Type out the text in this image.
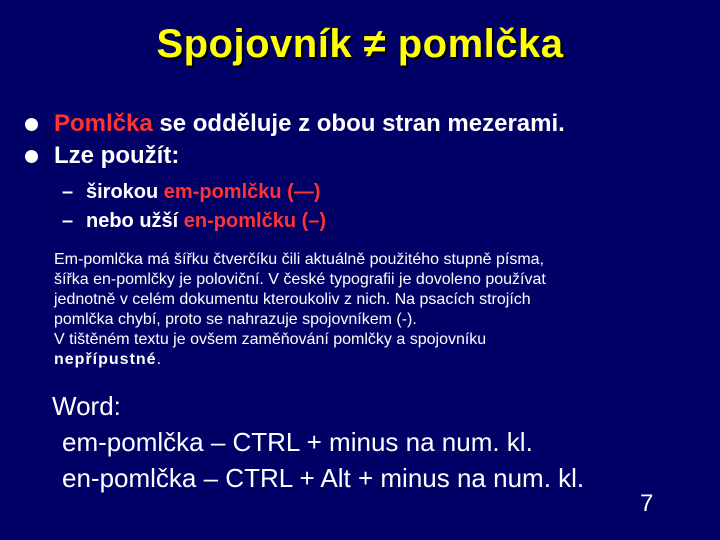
Spojovník ≠ pomlčka
Pomlčka se odděluje z obou stran mezerami.
Lze použít:
– širokou em-pomlčku (—)
– nebo užší en-pomlčku (–)
Em-pomlčka má šířku čtverčíku čili aktuálně použitého stupně písma,
šířka en-pomlčky je poloviční. V české typografii je dovoleno používat
jednotně v celém dokumentu kteroukoliv z nich. Na psacích strojích
pomlčka chybí, proto se nahrazuje spojovníkem (-).
V tištěném textu je ovšem zaměňování pomlčky a spojovníku
nepřípustné.
Word:
em-pomlčka – CTRL + minus na num. kl.
en-pomlčka – CTRL + Alt + minus na num. kl.
7
